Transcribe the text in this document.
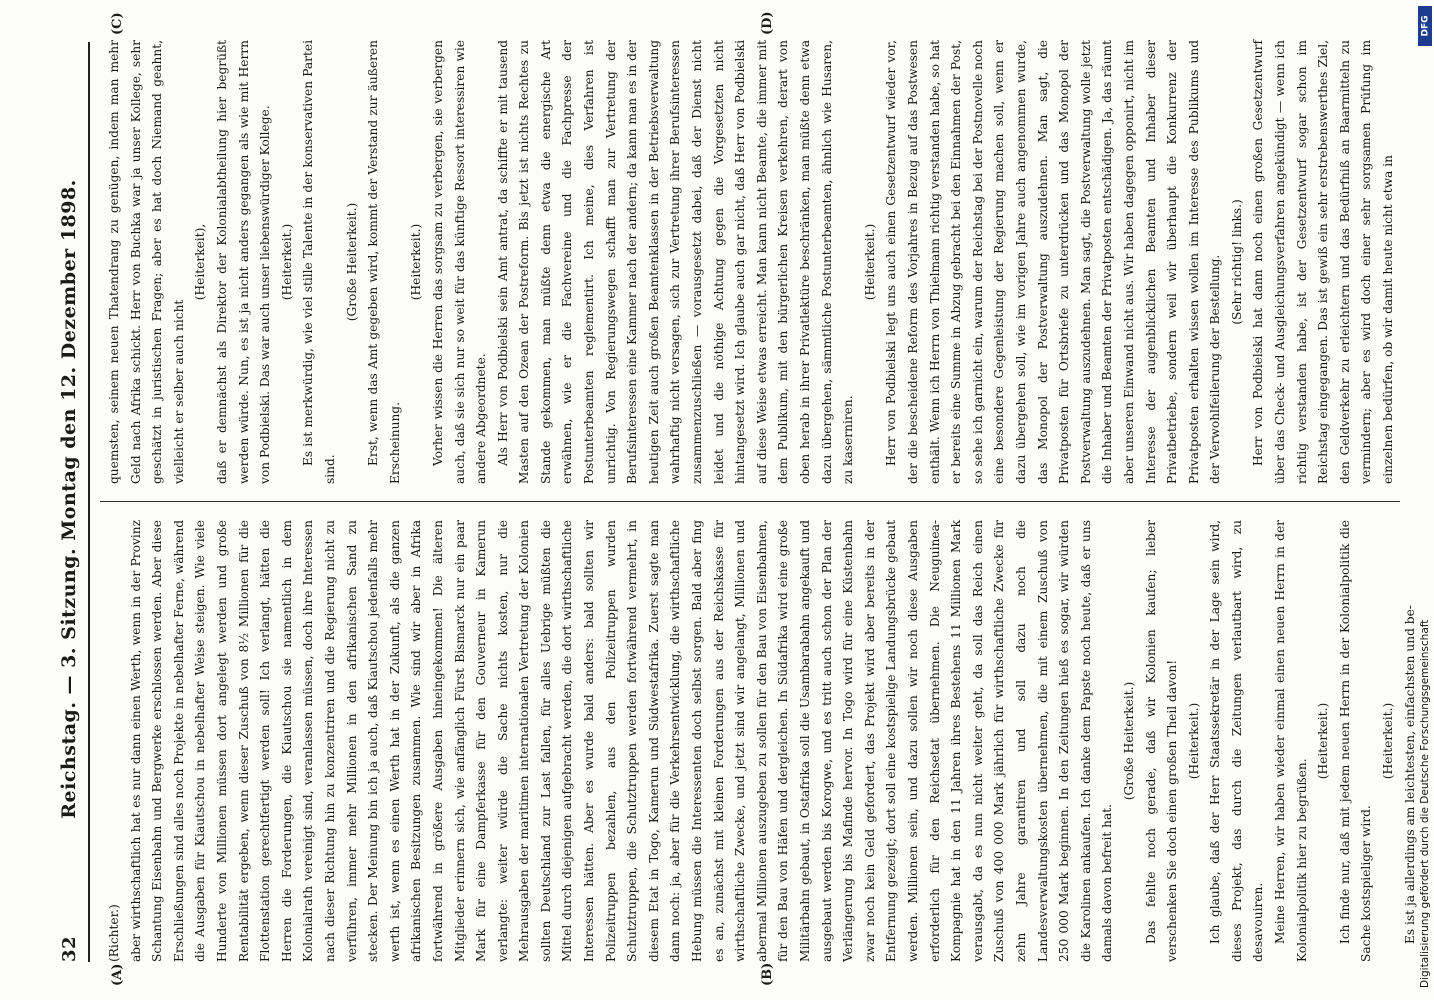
32
Reichstag. — 3. Sitzung. Montag den 12. Dezember 1898.
(A)	(B)
(C)	(D)

(Richter.) aber wirthschaftlich hat es nur dann einen Werth, wenn in der Provinz Schantung Eisenbahn und Bergwerke erschlossen werden. Aber diese Erschließungen sind alles noch Projekte in nebelhafter Ferne, während die Ausgaben für Kiautschou in nebelhafter Weise steigen. Wie viele Hunderte von Millionen müssen dort angelegt werden und große Rentabilität ergeben, wenn dieser Zuschuß von 8½ Millionen für die Flottenstation gerechtfertigt werden soll! Ich verlangt, hätten die Herren die Forderungen, die Kiautschou sie namentlich in dem Kolonialrath vereinigt sind, veranlassen müssen, doch ihre Interessen nach dieser Richtung hin zu konzentriren und die Regierung nicht zu verführen, immer mehr Millionen in den afrikanischen Sand zu stecken. Der Meinung bin ich ja auch, daß Kiautschou jedenfalls mehr werth ist, wenn es einen Werth hat in der Zukunft, als die ganzen afrikanischen Besitzungen zusammen. Wie sind wir aber in Afrika fortwährend in größere Ausgaben hineingekommen! Die älteren Mitglieder erinnern sich, wie anfänglich Fürst Bismarck nur ein paar Mark für eine Dampferkasse für den Gouverneur in Kamerun verlangte: weiter würde die Sache nichts kosten, nur die Mehrausgaben der maritimen internationalen Vertretung der Kolonien sollten Deutschland zur Last fallen, für alles Uebrige müßten die Mittel durch diejenigen aufgebracht werden, die dort wirthschaftliche Interessen hätten. Aber es wurde bald anders: bald sollten wir Polizeitruppen bezahlen, aus den Polizeitruppen wurden Schutztruppen, die Schutztruppen werden fortwährend vermehrt, in diesem Etat in Togo, Kamerun und Südwestafrika. Zuerst sagte man dann noch: ja, aber für die Verkehrsentwicklung, die wirthschaftliche Hebung müssen die Interessenten doch selbst sorgen. Bald aber fing es an, zunächst mit kleinen Forderungen aus der Reichskasse für wirthschaftliche Zwecke, und jetzt sind wir angelangt, Millionen und abermal Millionen auszugeben zu sollen für den Bau von Eisenbahnen, für den Bau von Häfen und dergleichen. In Südafrika wird eine große Militärbahn gebaut, in Ostafrika soll die Usambarabahn angekauft und ausgebaut werden bis Korogwe, und es tritt auch schon der Plan der Verlängerung bis Mafinde hervor. In Togo wird für eine Küstenbahn zwar noch kein Geld gefordert, das Projekt wird aber bereits in der Entfernung gezeigt; dort soll eine kostspielige Landungsbrücke gebaut werden. Millionen sein, und dazu sollen wir noch diese Ausgaben erforderlich für den Reichsetat übernehmen. Die Neuguinea-Kompagnie hat in den 11 Jahren ihres Bestehens 11 Millionen Mark verausgabt, da es nun nicht weiter geht, da soll das Reich einen Zuschuß von 400 000 Mark jährlich für wirthschaftliche Zwecke für zehn Jahre garantiren und soll dazu noch die Landesverwaltungskosten übernehmen, die mit einem Zuschuß von 250 000 Mark beginnen. In den Zeitungen hieß es sogar, wir würden die Karolinen ankaufen. Ich danke dem Papste noch heute, daß er uns damals davon befreit hat.

(Große Heiterkeit.) Das fehlte noch gerade, daß wir Kolonien kaufen; lieber verschenken Sie doch einen großen Theil davon! (Heiterkeit.) Ich glaube, daß der Herr Staatssekretär in der Lage sein wird, dieses Projekt, das durch die Zeitungen verlautbart wird, zu desavouiren. Meine Herren, wir haben wieder einmal einen neuen Herrn in der Kolonialpolitik hier zu begrüßen.

(Heiterkeit.) Ich finde nur, daß mit jedem neuen Herrn in der Kolonialpolitik die Sache kostspieliger wird.

(Heiterkeit.) Es ist ja allerdings am leichtesten, einfachsten und be-

quemsten, seinem neuen Thatendrang zu genügen, indem man mehr Geld nach Afrika schickt. Herr von Buchka war ja unser Kollege, sehr geschätzt in juristischen Fragen; aber es hat doch Niemand geahnt, vielleicht er selber auch nicht

(Heiterkeit), daß er demnächst als Direktor der Kolonialabtheilung hier begrüßt werden würde. Nun, es ist ja nicht anders gegangen als wie mit Herrn von Podbielski. Das war auch unser liebenswürdiger Kollege. (Heiterkeit.) Es ist merkwürdig, wie viel stille Talente in der konservativen Partei sind.

(Große Heiterkeit.) Erst, wenn das Amt gegeben wird, kommt der Verstand zur äußeren Erscheinung.

(Heiterkeit.) Vorher wissen die Herren das sorgsam zu verbergen, sie verbergen auch, daß sie sich nur so weit für das künftige Ressort interessiren wie andere Abgeordnete. Als Herr von Podbielski sein Amt antrat, da schiffte er mit tausend Masten auf den Ozean der Postreform. Bis jetzt ist nichts Rechtes zu Stande gekommen, man müßte denn etwa die energische Art erwähnen, wie er die Fachvereine und die Fachpresse der Postunterbeamten reglementirt. Ich meine, dies Verfahren ist unrichtig. Von Regierungswegen schafft man zur Vertretung der Berufsinteressen eine Kammer nach der andern; da kann man es in der heutigen Zeit auch großen Beamtenklassen in der Betriebsverwaltung wahrhaftig nicht versagen, sich zur Vertretung ihrer Berufsinteressen zusammenzuschließen — vorausgesetzt dabei, daß der Dienst nicht leidet und die nöthige Achtung gegen die Vorgesetzten nicht hintangesetzt wird. Ich glaube auch gar nicht, daß Herr von Podbielski auf diese Weise etwas erreicht. Man kann nicht Beamte, die immer mit dem Publikum, mit den bürgerlichen Kreisen verkehren, derart von oben herab in ihrer Privatlektüre beschränken, man müßte denn etwa dazu übergehen, sämmtliche Postunterbeamten, ähnlich wie Husaren, zu kaserniren.

(Heiterkeit.) Herr von Podbielski legt uns auch einen Gesetzentwurf wieder vor, der die bescheidene Reform des Vorjahres in Bezug auf das Postwesen enthält. Wenn ich Herrn von Thielmann richtig verstanden habe, so hat er bereits eine Summe in Abzug gebracht bei den Einnahmen der Post, so sehe ich garnicht ein, warum der Reichstag bei der Postnovelle noch eine besondere Gegenleistung der Regierung machen soll, wenn er dazu übergehen soll, wie im vorigen Jahre auch angenommen wurde, das Monopol der Postverwaltung auszudehnen. Man sagt, die Privatposten für Ortsbriefe zu unterdrücken und das Monopol der Postverwaltung auszudehnen. Man sagt, die Postverwaltung wolle jetzt die Inhaber und Beamten der Privatposten entschädigen. Ja, das räumt aber unseren Einwand nicht aus. Wir haben dagegen opponirt, nicht im Interesse der augenblicklichen Beamten und Inhaber dieser Privatbetriebe, sondern weil wir überhaupt die Konkurrenz der Privatposten erhalten wissen wollen im Interesse des Publikums und der Verwohlfeilerung der Bestellung. (Sehr richtig! links.) Herr von Podbielski hat dann noch einen großen Gesetzentwurf über das Check- und Ausgleichungsverfahren angekündigt — wenn ich richtig verstanden habe, ist der Gesetzentwurf sogar schon im Reichstag eingegangen. Das ist gewiß ein sehr erstrebenswerthes Ziel, den Geldverkehr zu erleichtern und das Bedürfniß an Baarmitteln zu vermindern; aber es wird doch einer sehr sorgsamen Prüfung im einzelnen bedürfen, ob wir damit heute nicht etwa in

DFG
Digitalisierung gefördert durch die Deutsche Forschungsgemeinschaft
